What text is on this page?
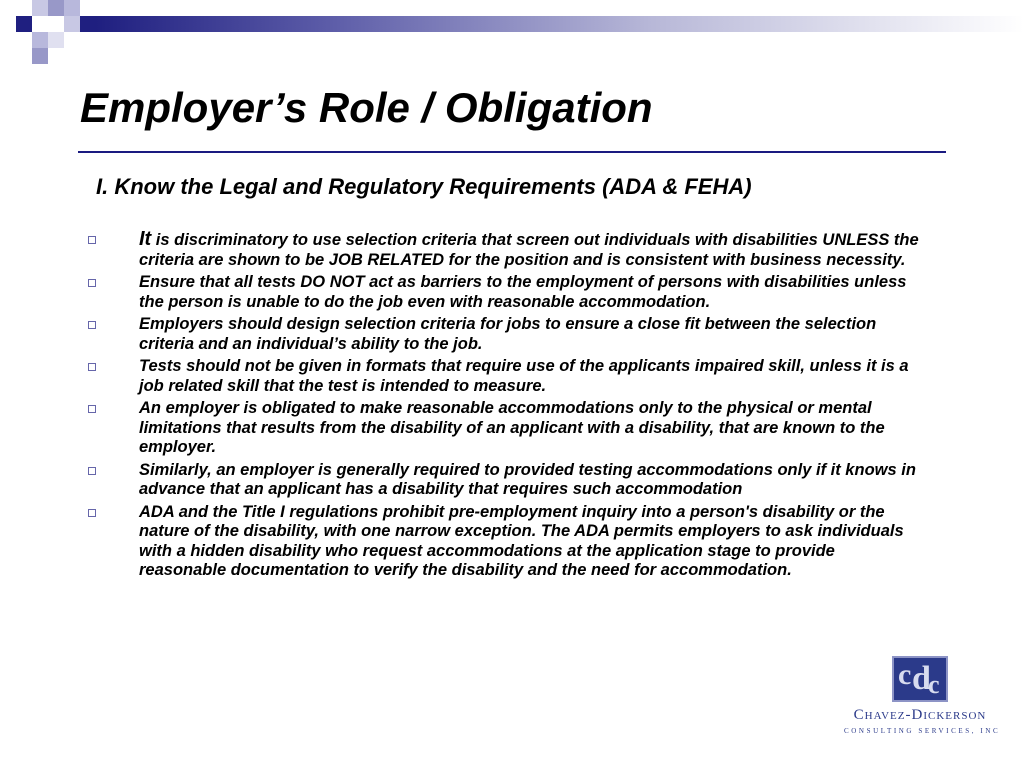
Employer’s Role / Obligation
I. Know the Legal and Regulatory Requirements (ADA & FEHA)
It is discriminatory to use selection criteria that screen out individuals with disabilities UNLESS the criteria are shown to be JOB RELATED for the position and is consistent with business necessity.
Ensure that all tests DO NOT act as barriers to the employment of persons with disabilities unless the person is unable to do the job even with reasonable accommodation.
Employers should design selection criteria for jobs to ensure a close fit between the selection criteria and an individual’s ability to the job.
Tests should not be given in formats that require use of the applicants impaired skill, unless it is a job related skill that the test is intended to measure.
An employer is obligated to make reasonable accommodations only to the physical or mental limitations that results from the disability of an applicant with a disability, that are known to the employer.
Similarly, an employer is generally required to provided testing accommodations only if it knows in advance that an applicant has a disability that requires such accommodation
ADA and the Title I regulations prohibit pre-employment inquiry into a person's disability or the nature of the disability, with one narrow exception. The ADA permits employers to ask individuals with a hidden disability who request accommodations at the application stage to provide reasonable documentation to verify the disability and the need for accommodation.
c d
c
Chavez-Dickerson
CONSULTING SERVICES, INC
